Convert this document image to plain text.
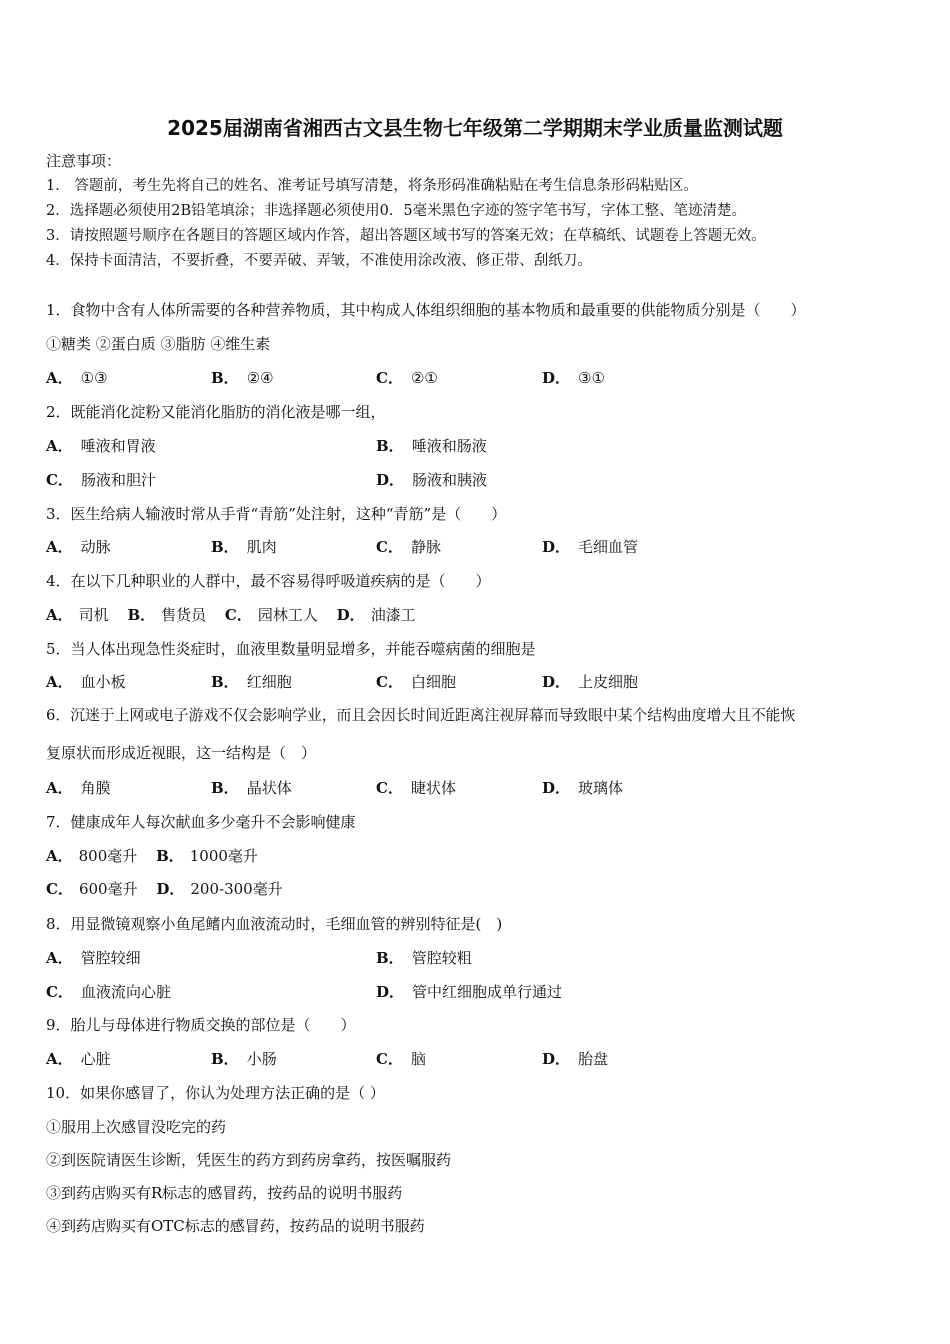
2025届湖南省湘西古文县生物七年级第二学期期末学业质量监测试题
注意事项：
1． 答题前，考生先将自己的姓名、准考证号填写清楚，将条形码准确粘贴在考生信息条形码粘贴区。
2．选择题必须使用2B铅笔填涂；非选择题必须使用0．5毫米黑色字迹的签字笔书写，字体工整、笔迹清楚。
3．请按照题号顺序在各题目的答题区域内作答，超出答题区域书写的答案无效；在草稿纸、试题卷上答题无效。
4．保持卡面清洁，不要折叠，不要弄破、弄皱，不准使用涂改液、修正带、刮纸刀。
1．食物中含有人体所需要的各种营养物质，其中构成人体组织细胞的基本物质和最重要的供能物质分别是（　　）
①糖类 ②蛋白质 ③脂肪 ④维生素
A． ①③	B． ②④	C． ②①	D． ③①
2．既能消化淀粉又能消化脂肪的消化液是哪一组，
A． 唾液和胃液	B． 唾液和肠液
C． 肠液和胆汁	D． 肠液和胰液
3．医生给病人输液时常从手背“青筋”处注射，这种“青筋”是（　　）
A． 动脉	B． 肌肉	C． 静脉	D． 毛细血管
4．在以下几种职业的人群中，最不容易得呼吸道疾病的是（　　）
A． 司机 B． 售货员 C． 园林工人 D． 油漆工
5．当人体出现急性炎症时，血液里数量明显增多，并能吞噬病菌的细胞是
A． 血小板	B． 红细胞	C． 白细胞	D． 上皮细胞
6．沉迷于上网或电子游戏不仅会影响学业，而且会因长时间近距离注视屏幕而导致眼中某个结构曲度增大且不能恢
复原状而形成近视眼，这一结构是（　）
A． 角膜	B． 晶状体	C． 睫状体	D． 玻璃体
7．健康成年人每次献血多少毫升不会影响健康
A． 800毫升 B． 1000毫升
C． 600毫升 D． 200-300毫升
8．用显微镜观察小鱼尾鳍内血液流动时，毛细血管的辨别特征是(　)
A． 管腔较细	B． 管腔较粗
C． 血液流向心脏	D． 管中红细胞成单行通过
9．胎儿与母体进行物质交换的部位是（　　）
A． 心脏	B． 小肠	C． 脑	D． 胎盘
10．如果你感冒了，你认为处理方法正确的是（ ）
①服用上次感冒没吃完的药
②到医院请医生诊断，凭医生的药方到药房拿药，按医嘱服药
③到药店购买有R标志的感冒药，按药品的说明书服药
④到药店购买有OTC标志的感冒药，按药品的说明书服药
